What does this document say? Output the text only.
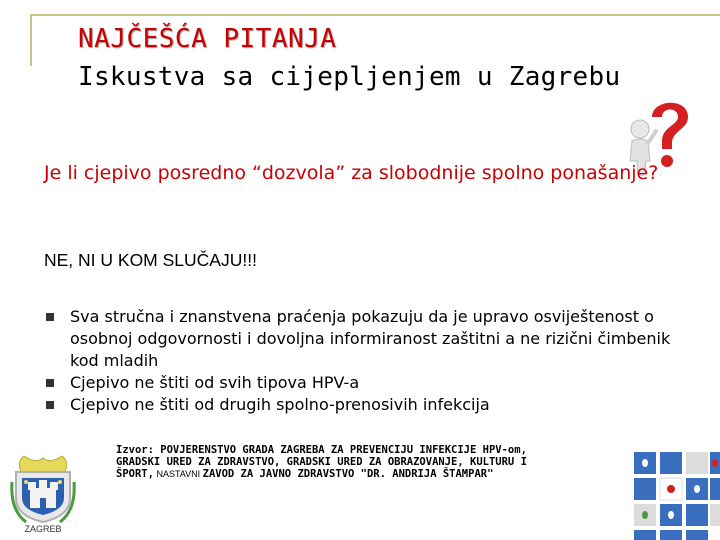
NAJČEŠĆA PITANJA
Iskustva sa cijepljenjem u Zagrebu
Je li cjepivo posredno “dozvola” za slobodnije spolno ponašanje?
NE, NI U KOM SLUČAJU!!!
Sva stručna i znanstvena praćenja pokazuju da je upravo osviještenost o osobnoj odgovornosti i dovoljna informiranost zaštitni a ne rizični čimbenik kod mladih
Cjepivo ne štiti od svih tipova HPV-a
Cjepivo ne štiti od drugih spolno-prenosivih infekcija
Izvor: POVJERENSTVO GRADA ZAGREBA ZA PREVENCIJU INFEKCIJE HPV-om, GRADSKI URED ZA ZDRAVSTVO, GRADSKI URED ZA OBRAZOVANJE, KULTURU I ŠPORT, NASTAVNI ZAVOD ZA JAVNO ZDRAVSTVO "DR. ANDRIJA ŠTAMPAR"
ZAGREB
